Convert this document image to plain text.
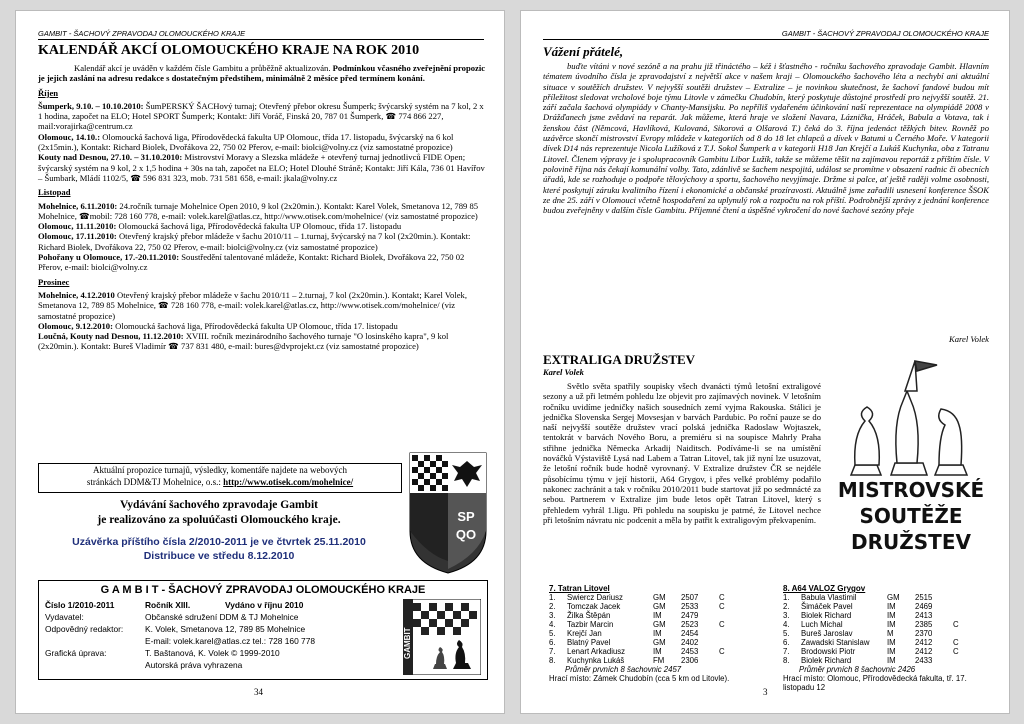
GAMBIT - ŠACHOVÝ ZPRAVODAJ OLOMOUCKÉHO KRAJE
KALENDÁŘ AKCÍ OLOMOUCKÉHO KRAJE NA ROK 2010

Kalendář akcí je uváděn v každém čísle Gambitu a průběžně aktualizován. Podmínkou včasného zveřejnění propozic je jejich zaslání na adresu redakce s dostatečným předstihem, minimálně 2 měsíce před termínem konání.

Říjen

Šumperk, 9.10. – 10.10.2010: ŠumPERSKÝ ŠACHový turnaj; Otevřený přebor okresu Šumperk; švýcarský systém na 7 kol, 2 x 1 hodina, započet na ELO; Hotel SPORT Šumperk; Kontakt: Jiří Voráč, Finská 20, 787 01 Šumperk, ☎ 774 866 227, mail:vorajirka@centrum.cz

Olomouc, 14.10.: Olomoucká šachová liga, Přírodovědecká fakulta UP Olomouc, třída 17. listopadu, švýcarský na 6 kol (2x15min.), Kontakt: Richard Biolek, Dvořákova 22, 750 02 Přerov, e-mail: biolci@volny.cz (viz samostatné propozice)

Kouty nad Desnou, 27.10. – 31.10.2010: Mistrovství Moravy a Slezska mládeže + otevřený turnaj jednotlivců FIDE Open; švýcarský systém na 9 kol, 2 x 1,5 hodina + 30s na tah, započet na ELO; Hotel Dlouhé Stráně; Kontakt: Jiří Kála, 736 01 Havířov – Šumbark, Mládí 1102/5, ☎ 596 831 323, mob. 731 581 658, e-mail: jkala@volny.cz

Listopad

Mohelnice, 6.11.2010: 24.ročník turnaje Mohelnice Open 2010, 9 kol (2x20min.). Kontakt: Karel Volek, Smetanova 12, 789 85 Mohelnice, ☎mobil: 728 160 778, e-mail: volek.karel@atlas.cz, http://www.otisek.com/mohelnice/ (viz samostatné propozice)

Olomouc, 11.11.2010: Olomoucká šachová liga, Přírodovědecká fakulta UP Olomouc, třída 17. listopadu

Olomouc, 17.11.2010: Otevřený krajský přebor mládeže v šachu 2010/11 – 1.turnaj, švýcarský na 7 kol (2x20min.). Kontakt: Richard Biolek, Dvořákova 22, 750 02 Přerov, e-mail: biolci@volny.cz (viz samostatné propozice)

Pohořany u Olomouce, 17.-20.11.2010: Soustředění talentované mládeže, Kontakt: Richard Biolek, Dvořákova 22, 750 02 Přerov, e-mail: biolci@volny.cz

Prosinec

Mohelnice, 4.12.2010 Otevřený krajský přebor mládeže v šachu 2010/11 – 2.turnaj, 7 kol (2x20min.). Kontakt; Karel Volek, Smetanova 12, 789 85 Mohelnice, ☎ 728 160 778, e-mail: volek.karel@atlas.cz, http://www.otisek.com/mohelnice/ (viz samostatné propozice)

Olomouc, 9.12.2010: Olomoucká šachová liga, Přírodovědecká fakulta UP Olomouc, třída 17. listopadu

Loučná, Kouty nad Desnou, 11.12.2010: XVIII. ročník mezinárodního šachového turnaje "O losinského kapra", 9 kol (2x20min.). Kontakt: Bureš Vladimír ☎ 737 831 480, e-mail: bures@dvprojekt.cz (viz samostatné propozice)

Aktuální propozice turnajů, výsledky, komentáře najdete na webových
stránkách DDM&TJ Mohelnice, o.s.: http://www.otisek.com/mohelnice/
Vydávání šachového zpravodaje Gambit
je realizováno za spoluúčasti Olomouckého kraje.
Uzávěrka příštího čísla 2/2010-2011 je ve čtvrtek 25.11.2010
Distribuce ve středu 8.12.2010
SP
QO
G A M B I T - ŠACHOVÝ ZPRAVODAJ OLOMOUCKÉHO KRAJE
Číslo 1/2010-2011	Ročník XIII.	Vydáno v říjnu 2010
Vydavatel:	Občanské sdružení DDM & TJ Mohelnice
Odpovědný redaktor:	K. Volek, Smetanova 12, 789 85 Mohelnice
E-mail: volek.karel@atlas.cz tel.: 728 160 778
Grafická úprava:	T. Baštanová, K. Volek © 1999-2010
Autorská práva vyhrazena
GAMBIT
34
GAMBIT - ŠACHOVÝ ZPRAVODAJ OLOMOUCKÉHO KRAJE
Vážení přátelé,
buďte vítáni v nové sezóně a na prahu již třináctého – kéž i šťastného - ročníku šachového zpravodaje Gambit. Hlavním tématem úvodního čísla je zpravodajství z největší akce v našem kraji – Olomouckého šachového léta a nechybí ani aktuální situace v soutěžích družstev. V nejvyšší soutěži družstev – Extralize – je novinkou skutečnost, že šachoví fandové budou mít příležitost sledovat vrcholové boje týmu Litovle v zámečku Chudobín, který poskytuje důstojné prostředí pro nejvyšší soutěž. 21. září začala šachová olympiády v Chanty-Mansijsku. Po nepříliš vydařeném účinkování naší reprezentace na olympiádě 2008 v Drážďanech jsme zvědaví na reparát. Jak můžeme, která hraje ve složení Navara, Láznička, Hráček, Babula a Votava, tak i ženskou část (Němcová, Havlíková, Kulovaná, Sikorová a Olšarová T.) čeká do 3. října jedenáct těžkých bitev. Rovněž po uzávěrce skončí mistrovství Evropy mládeže v kategoriích od 8 do 18 let chlapců a dívek v Batumi u Černého Moře. V kategorii dívek D14 nás reprezentuje Nicola Lužíková z T.J. Sokol Šumperk a v kategorii H18 Jan Krejčí a Lukáš Kuchynka, oba z Tatranu Litovel. Členem výpravy je i spolupracovník Gambitu Libor Lužík, takže se můžeme těšit na zajímavou reportáž z příštím čísle. V polovině října nás čekají komunální volby. Tato, zdánlivě se šachem nespojitá, událost se promítne v obsazení radnic či obecních úřadů, kde se rozhoduje o podpoře tělovýchovy a sportu, šachového nevyjímaje. Držme si palce, ať ještě raději volme osobnosti, které poskytují záruku kvalitního řízení i ekonomické a občanské prozíravosti. Aktuálně jsme zařadili usnesení konference ŠSOK ze dne 25. září v Olomouci včetně hospodaření za uplynulý rok a rozpočtu na rok příští. Podrobnější zprávy z jednání konference budou zveřejněny v dalším čísle Gambitu. Příjemné čtení a úspěšné vykročení do nové šachové sezóny přeje
Karel Volek
EXTRALIGA DRUŽSTEV
Karel Volek
Světlo světa spatřily soupisky všech dvanácti týmů letošní extraligové sezony a už při letmém pohledu lze objevit pro zajímavých novinek. V letošním ročníku uvidíme jedničky našich sousedních zemí vyjma Rakouska. Stálici je jednička Slovenska Sergej Movsesjan v barvách Pardubic. Po roční pauze se do naší nejvyšší soutěže družstev vrací polská jednička Radoslaw Wojtaszek, tentokrát v barvách Nového Boru, a premiéru si na soupisce Mahrly Praha střihne jednička Německa Arkadij Naiditsch. Podíváme-li se na umístění nováčků Výstaviště Lysá nad Labem a Tatran Litovel, tak již nyní lze usuzovat, že letošní ročník bude hodně vyrovnaný. V Extralize družstev ČR se nejdéle působícímu týmu v její historii, A64 Grygov, i přes velké problémy podařilo nakonec zachránit a tak v ročníku 2010/2011 bude startovat již po sedmnácté za sebou. Partnerem v Extralize jim bude letos opět Tatran Litovel, který s přehledem vyhrál 1.ligu. Při pohledu na soupisku je patrné, že Litovel nechce při letošním návratu nic podcenit a měla by patřit k extraligovým překvapením.
MISTROVSKÉ
SOUTĚŽE
DRUŽSTEV
7. Tatran Litovel
1.	Swiercz Dariusz	GM	2507	C
2.	Tomczak Jacek	GM	2533	C
3.	Žilka Štěpán	IM	2479	
4.	Tazbir Marcin	GM	2523	C
5.	Krejčí Jan	IM	2454	
6.	Blatný Pavel	GM	2402	
7.	Lenart Arkadiusz	IM	2453	C
8.	Kuchynka Lukáš	FM	2306	
Průměr prvních 8 šachovnic 2457
Hrací místo: Zámek Chudobín (cca 5 km od Litovle).
8. A64 VALOZ Grygov
1.	Babula Vlastimil	GM	2515	
2.	Šimáček Pavel	IM	2469	
3.	Biolek Richard	IM	2413	
4.	Luch Michal	IM	2385	C
5.	Bureš Jaroslav	M	2370	
6.	Zawadski Stanislaw	IM	2412	C
7.	Brodowski Piotr	IM	2412	C
8.	Biolek Richard	IM	2433	
Průměr prvních 8 šachovnic 2426
Hrací místo: Olomouc, Přírodovědecká fakulta, tř. 17. listopadu 12
3
